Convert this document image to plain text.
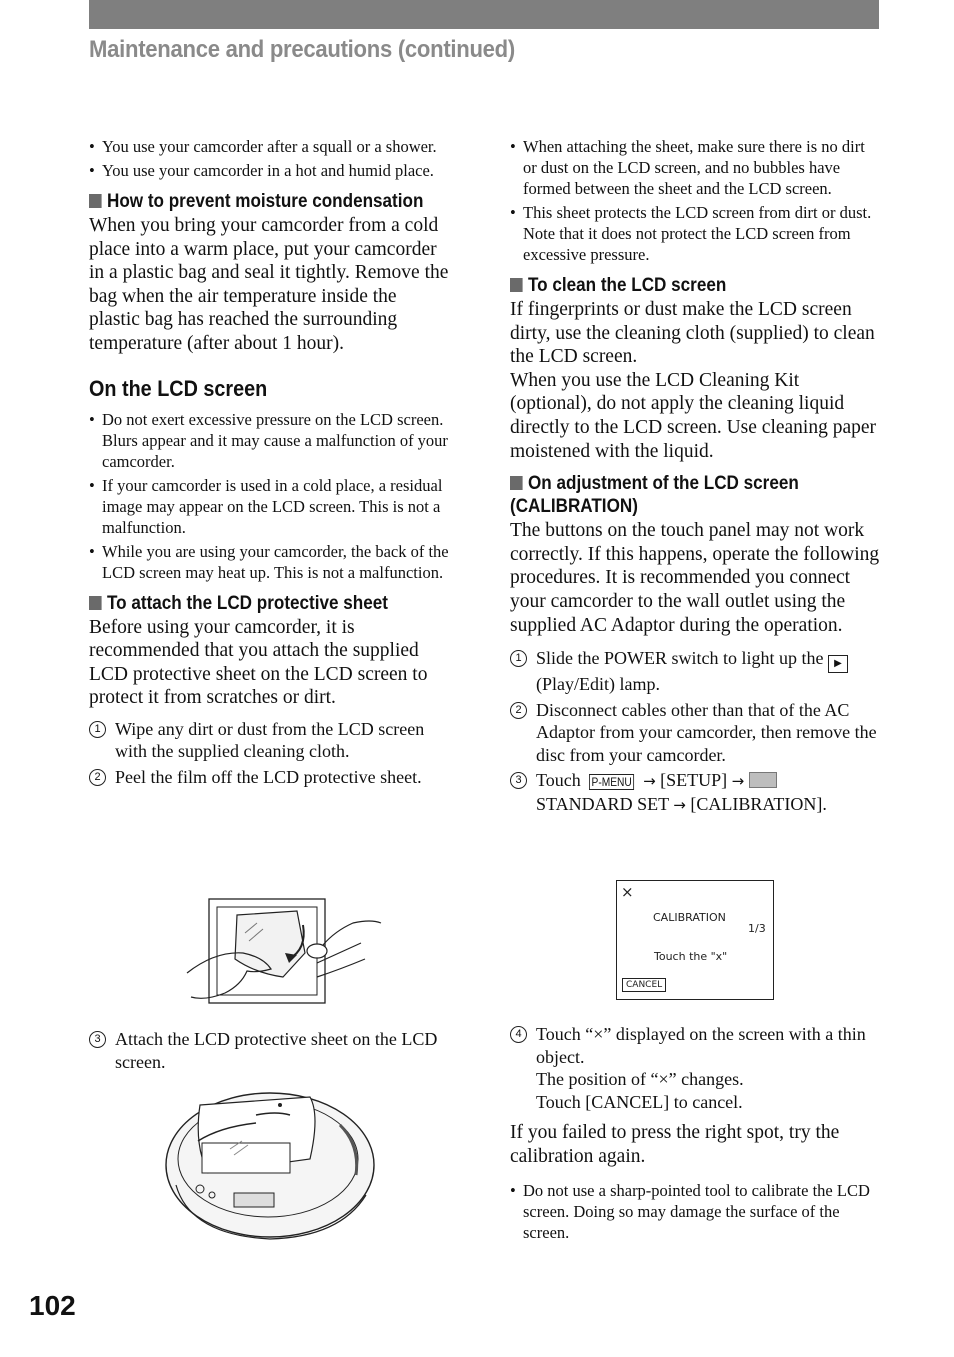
Maintenance and precautions (continued)
• You use your camcorder after a squall or a shower.
• You use your camcorder in a hot and humid place.
How to prevent moisture condensation

When you bring your camcorder from a cold place into a warm place, put your camcorder in a plastic bag and seal it tightly. Remove the bag when the air temperature inside the plastic bag has reached the surrounding temperature (after about 1 hour).

On the LCD screen
• Do not exert excessive pressure on the LCD screen. Blurs appear and it may cause a malfunction of your camcorder.
• If your camcorder is used in a cold place, a residual image may appear on the LCD screen. This is not a malfunction.
• While you are using your camcorder, the back of the LCD screen may heat up. This is not a malfunction.
To attach the LCD protective sheet

Before using your camcorder, it is recommended that you attach the supplied LCD protective sheet on the LCD screen to protect it from scratches or dirt.

1 Wipe any dirt or dust from the LCD screen with the supplied cleaning cloth.
2 Peel the film off the LCD protective sheet.
3 Attach the LCD protective sheet on the LCD screen.
• When attaching the sheet, make sure there is no dirt or dust on the LCD screen, and no bubbles have formed between the sheet and the LCD screen.
• This sheet protects the LCD screen from dirt or dust. Note that it does not protect the LCD screen from excessive pressure.
To clean the LCD screen

If fingerprints or dust make the LCD screen dirty, use the cleaning cloth (supplied) to clean the LCD screen.

When you use the LCD Cleaning Kit (optional), do not apply the cleaning liquid directly to the LCD screen. Use cleaning paper moistened with the liquid.

On adjustment of the LCD screen (CALIBRATION)

The buttons on the touch panel may not work correctly. If this happens, operate the following procedures. It is recommended you connect your camcorder to the wall outlet using the supplied AC Adaptor during the operation.

1 Slide the POWER switch to light up the ▶ (Play/Edit) lamp.
2 Disconnect cables other than that of the AC Adaptor from your camcorder, then remove the disc from your camcorder.
3 Touch P-MENU → [SETUP] →
STANDARD SET → [CALIBRATION].
×
CALIBRATION
1/3
Touch the "x"
CANCEL
4 Touch “×” displayed on the screen with a thin object.
The position of “×” changes.
Touch [CANCEL] to cancel.

If you failed to press the right spot, try the calibration again.

• Do not use a sharp-pointed tool to calibrate the LCD screen. Doing so may damage the surface of the screen.
102
